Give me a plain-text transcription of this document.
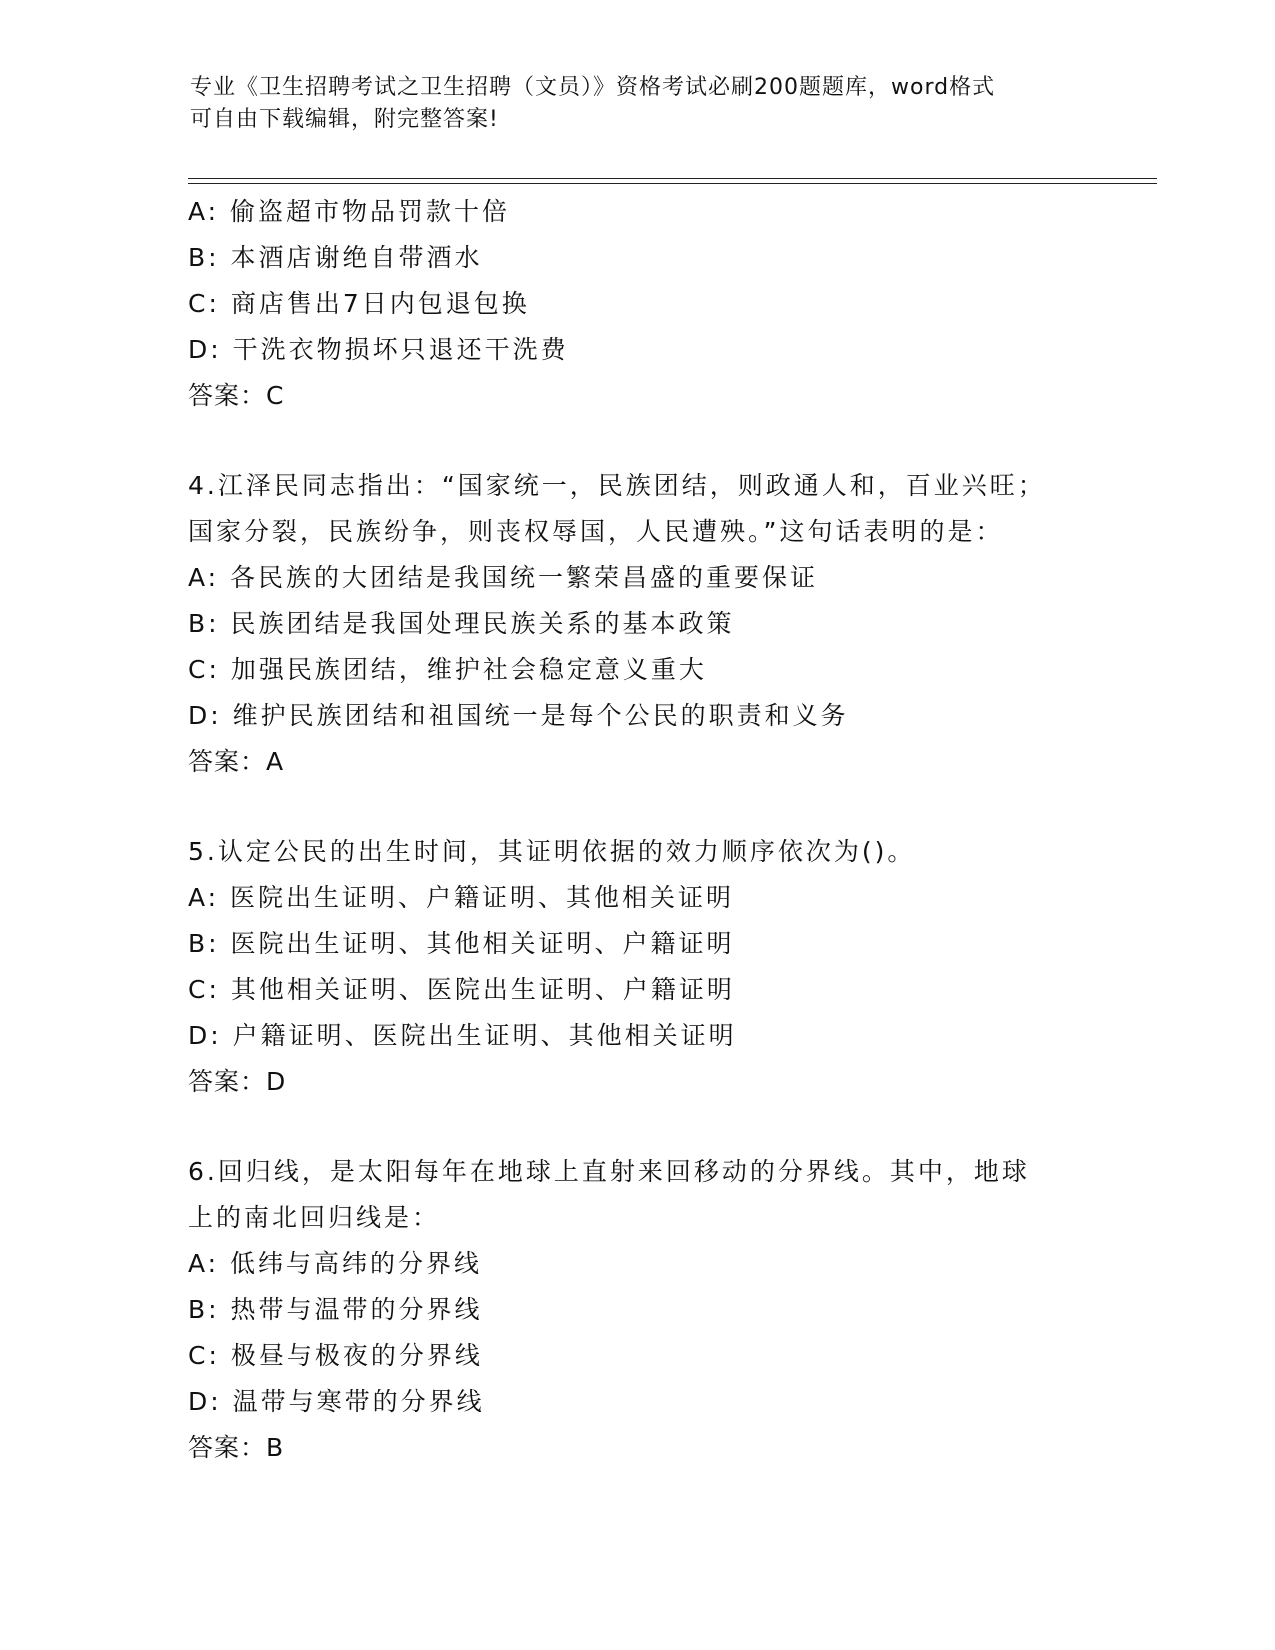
专业《卫生招聘考试之卫生招聘（文员）》资格考试必刷200题题库，word格式
可自由下载编辑，附完整答案!
A: 偷盗超市物品罚款十倍
B: 本酒店谢绝自带酒水
C: 商店售出7日内包退包换
D: 干洗衣物损坏只退还干洗费
答案：C
4.江泽民同志指出：“国家统一，民族团结，则政通人和，百业兴旺；
国家分裂，民族纷争，则丧权辱国，人民遭殃。”这句话表明的是：
A: 各民族的大团结是我国统一繁荣昌盛的重要保证
B: 民族团结是我国处理民族关系的基本政策
C: 加强民族团结，维护社会稳定意义重大
D: 维护民族团结和祖国统一是每个公民的职责和义务
答案：A
5.认定公民的出生时间，其证明依据的效力顺序依次为()。
A: 医院出生证明、户籍证明、其他相关证明
B: 医院出生证明、其他相关证明、户籍证明
C: 其他相关证明、医院出生证明、户籍证明
D: 户籍证明、医院出生证明、其他相关证明
答案：D
6.回归线，是太阳每年在地球上直射来回移动的分界线。其中，地球
上的南北回归线是：
A: 低纬与高纬的分界线
B: 热带与温带的分界线
C: 极昼与极夜的分界线
D: 温带与寒带的分界线
答案：B
